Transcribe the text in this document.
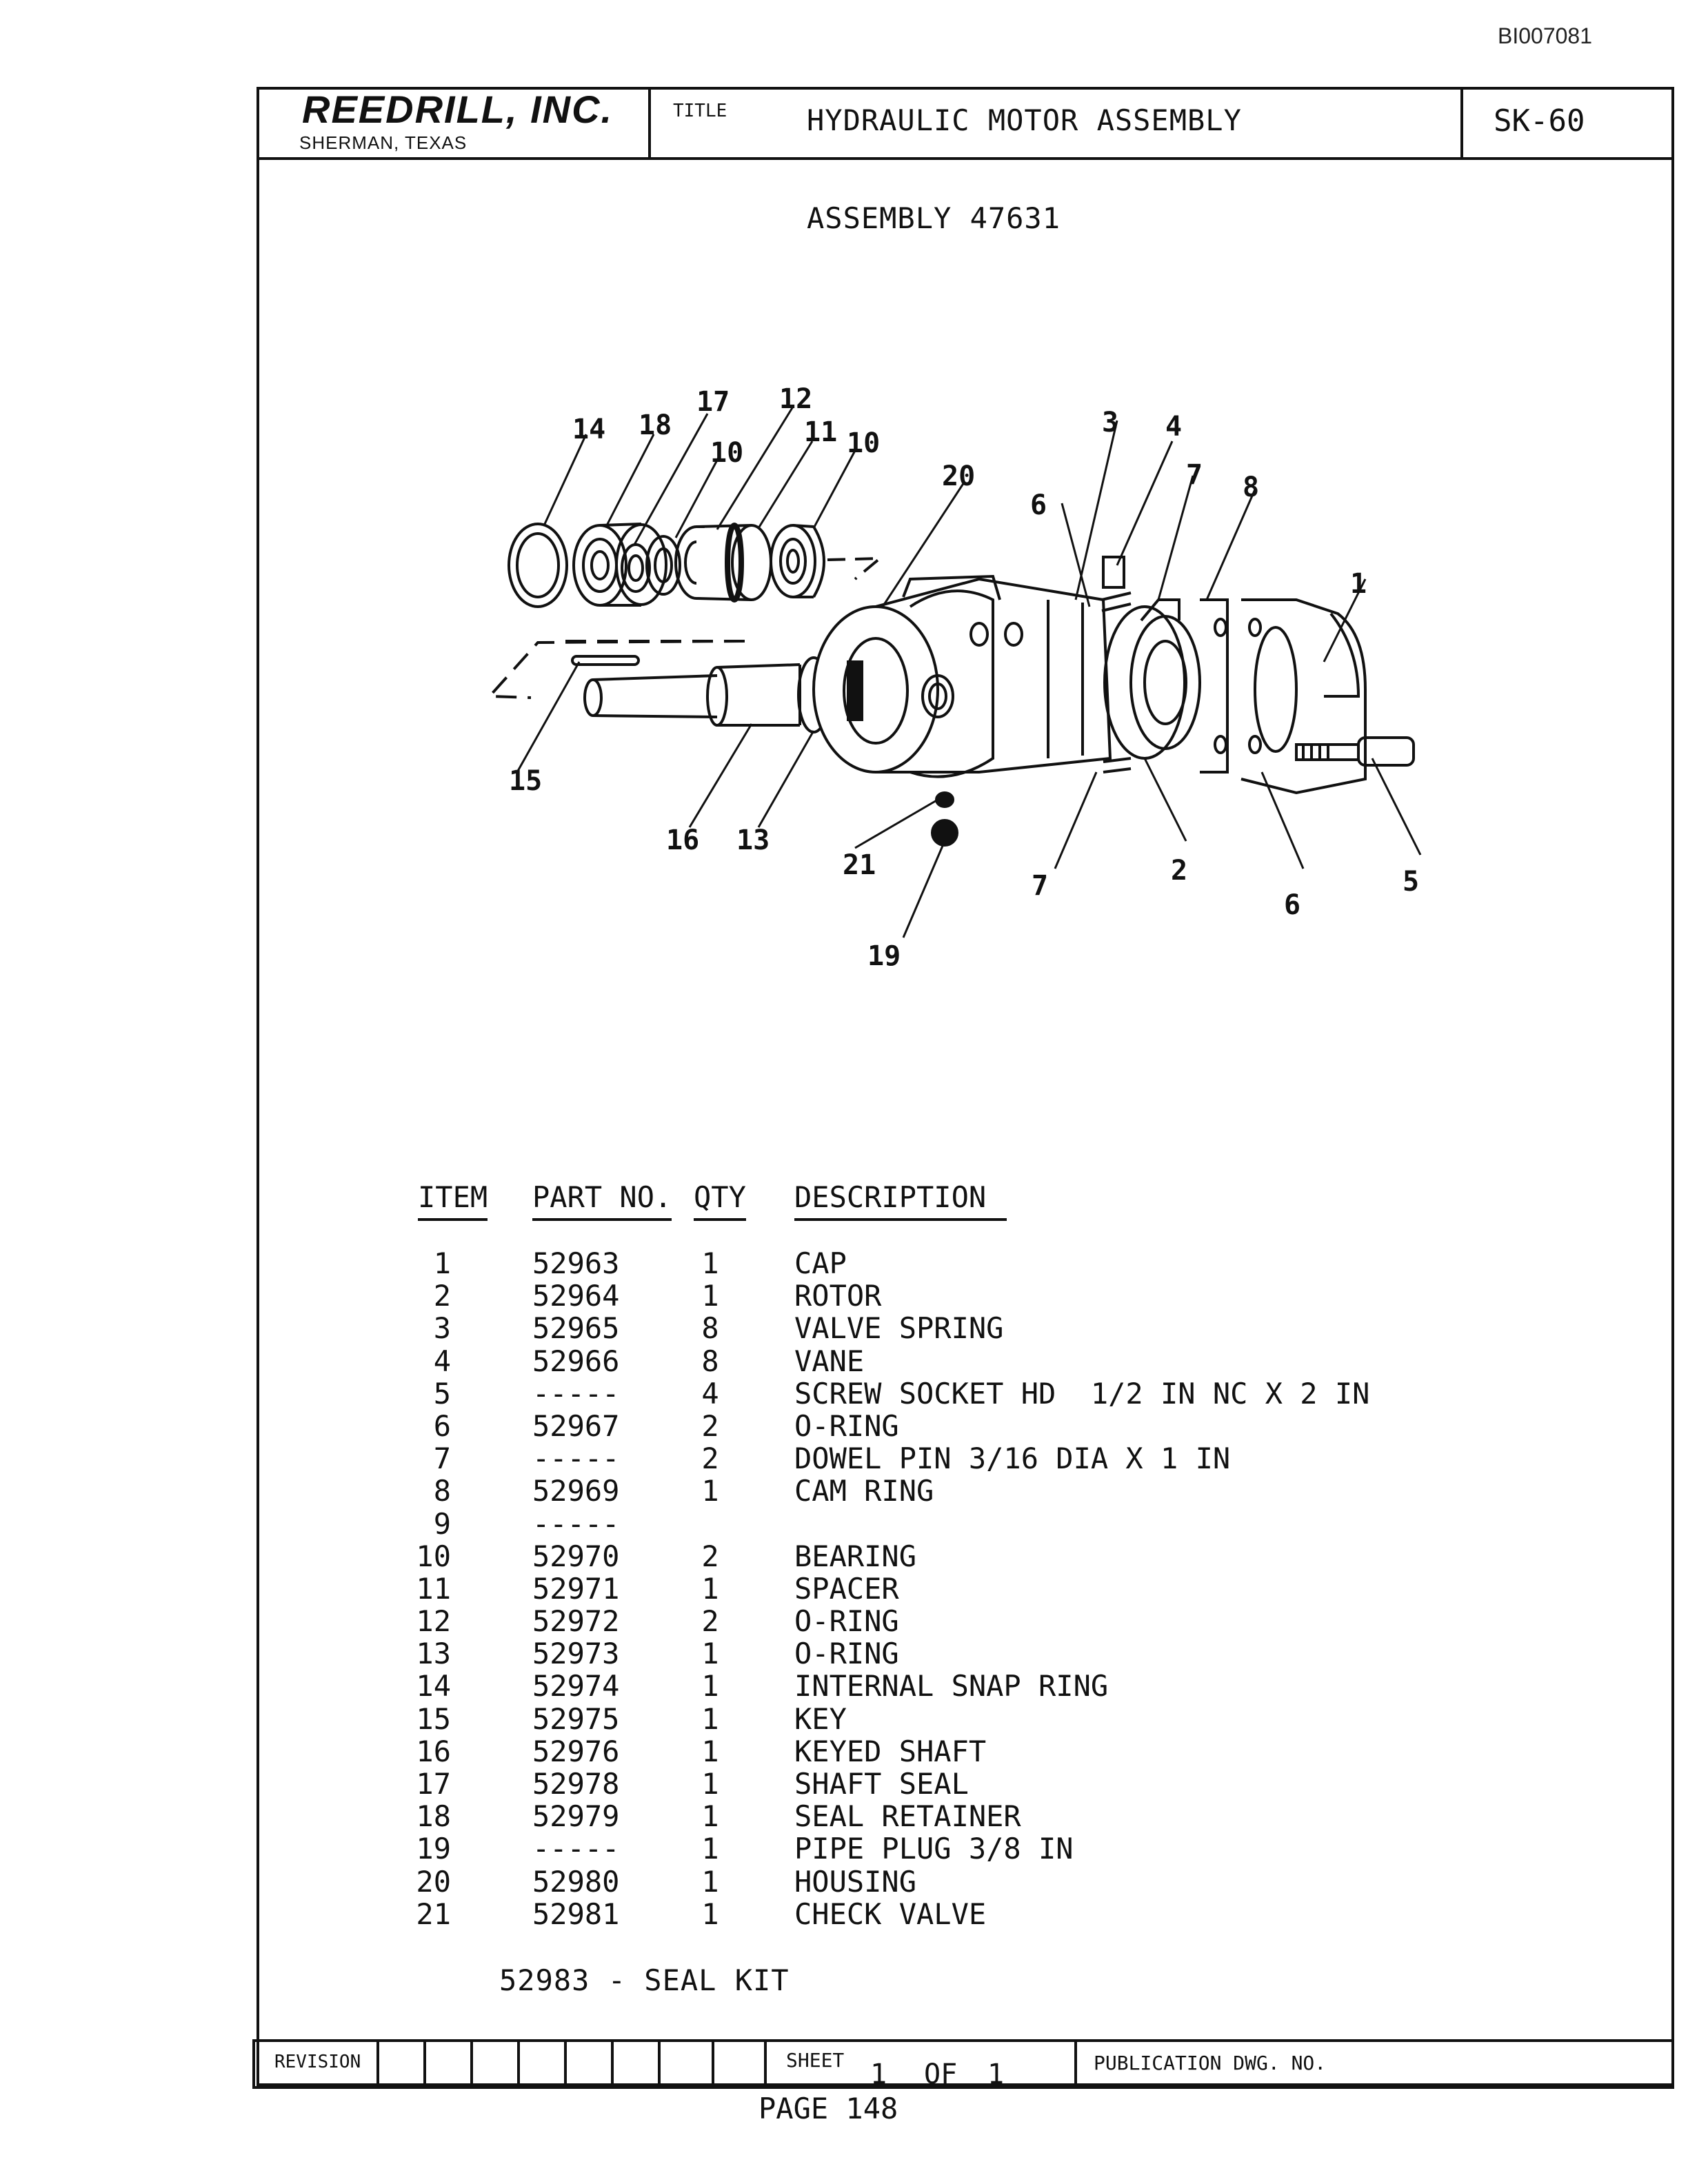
BI007081
REEDRILL, INC.
SHERMAN, TEXAS
TITLE	HYDRAULIC MOTOR ASSEMBLY	SK-60
ASSEMBLY 47631
14 18
17 12
10
11 10
20
3 4
6
7 8
1
15
16 13
21
19
7	2
6
5
ITEM PART NO. QTY DESCRIPTION
1	52963	1	CAP
2	52964	1	ROTOR
3	52965	8	VALVE SPRING
4	52966	8	VANE
5	-----	4	SCREW SOCKET HD  1/2 IN NC X 2 IN
6	52967	2	O-RING
7	-----	2	DOWEL PIN 3/16 DIA X 1 IN
8	52969	1	CAM RING
9	-----
10	52970	2	BEARING
11	52971	1	SPACER
12	52972	2	O-RING
13	52973	1	O-RING
14	52974	1	INTERNAL SNAP RING
15	52975	1	KEY
16	52976	1	KEYED SHAFT
17	52978	1	SHAFT SEAL
18	52979	1	SEAL RETAINER
19	-----	1	PIPE PLUG 3/8 IN
20	52980	1	HOUSING
21	52981	1	CHECK VALVE
52983 - SEAL KIT
REVISION	SHEET 1 OF 1	PUBLICATION DWG. NO.
PAGE 148
